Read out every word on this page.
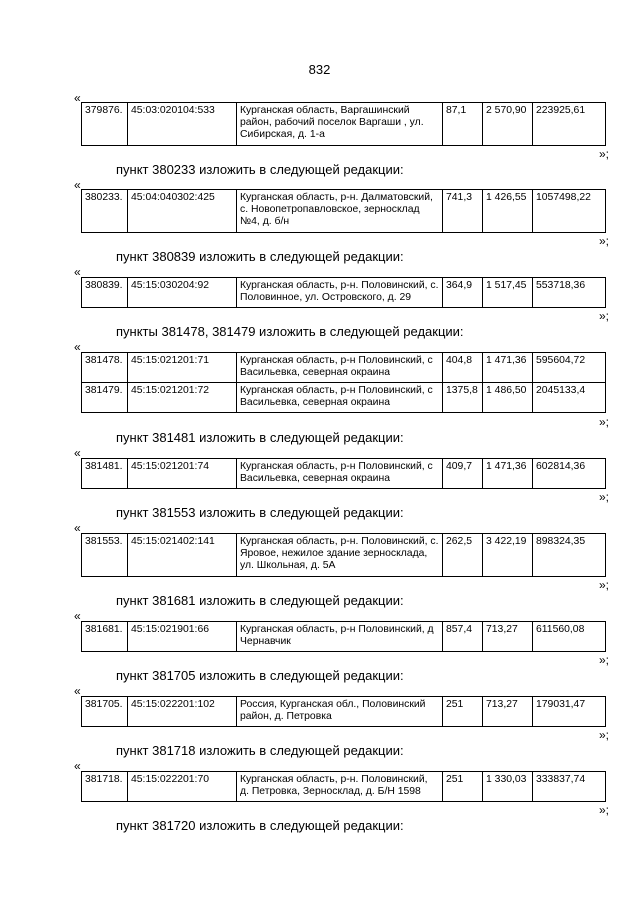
832
«
379876.	45:03:020104:533	Курганская область, Варгашинский район, рабочий поселок Варгаши , ул. Сибирская, д. 1-а	87,1	2 570,90	223925,61
»;
пункт 380233 изложить в следующей редакции:
«
380233.	45:04:040302:425	Курганская область, р-н. Далматовский, с. Новопетропавловское, зерносклад №4, д. б/н	741,3	1 426,55	1057498,22
»;
пункт 380839 изложить в следующей редакции:
«
380839.	45:15:030204:92	Курганская область, р-н. Половинский, с. Половинное, ул. Островского, д. 29	364,9	1 517,45	553718,36
»;
пункты 381478, 381479 изложить в следующей редакции:
«
381478.	45:15:021201:71	Курганская область, р-н Половинский, с Васильевка, северная окраина	404,8	1 471,36	595604,72
381479.	45:15:021201:72	Курганская область, р-н Половинский, с Васильевка, северная окраина	1375,8	1 486,50	2045133,4
»;
пункт 381481 изложить в следующей редакции:
«
381481.	45:15:021201:74	Курганская область, р-н Половинский, с Васильевка, северная окраина	409,7	1 471,36	602814,36
»;
пункт 381553 изложить в следующей редакции:
«
381553.	45:15:021402:141	Курганская область, р-н. Половинский, с. Яровое, нежилое здание зерносклада, ул. Школьная, д. 5А	262,5	3 422,19	898324,35
»;
пункт 381681 изложить в следующей редакции:
«
381681.	45:15:021901:66	Курганская область, р-н Половинский, д Чернавчик	857,4	713,27	611560,08
»;
пункт 381705 изложить в следующей редакции:
«
381705.	45:15:022201:102	Россия, Курганская обл., Половинский район, д. Петровка	251	713,27	179031,47
»;
пункт 381718 изложить в следующей редакции:
«
381718.	45:15:022201:70	Курганская область, р-н. Половинский, д. Петровка, Зерносклад, д. Б/Н 1598	251	1 330,03	333837,74
»;
пункт 381720 изложить в следующей редакции:
